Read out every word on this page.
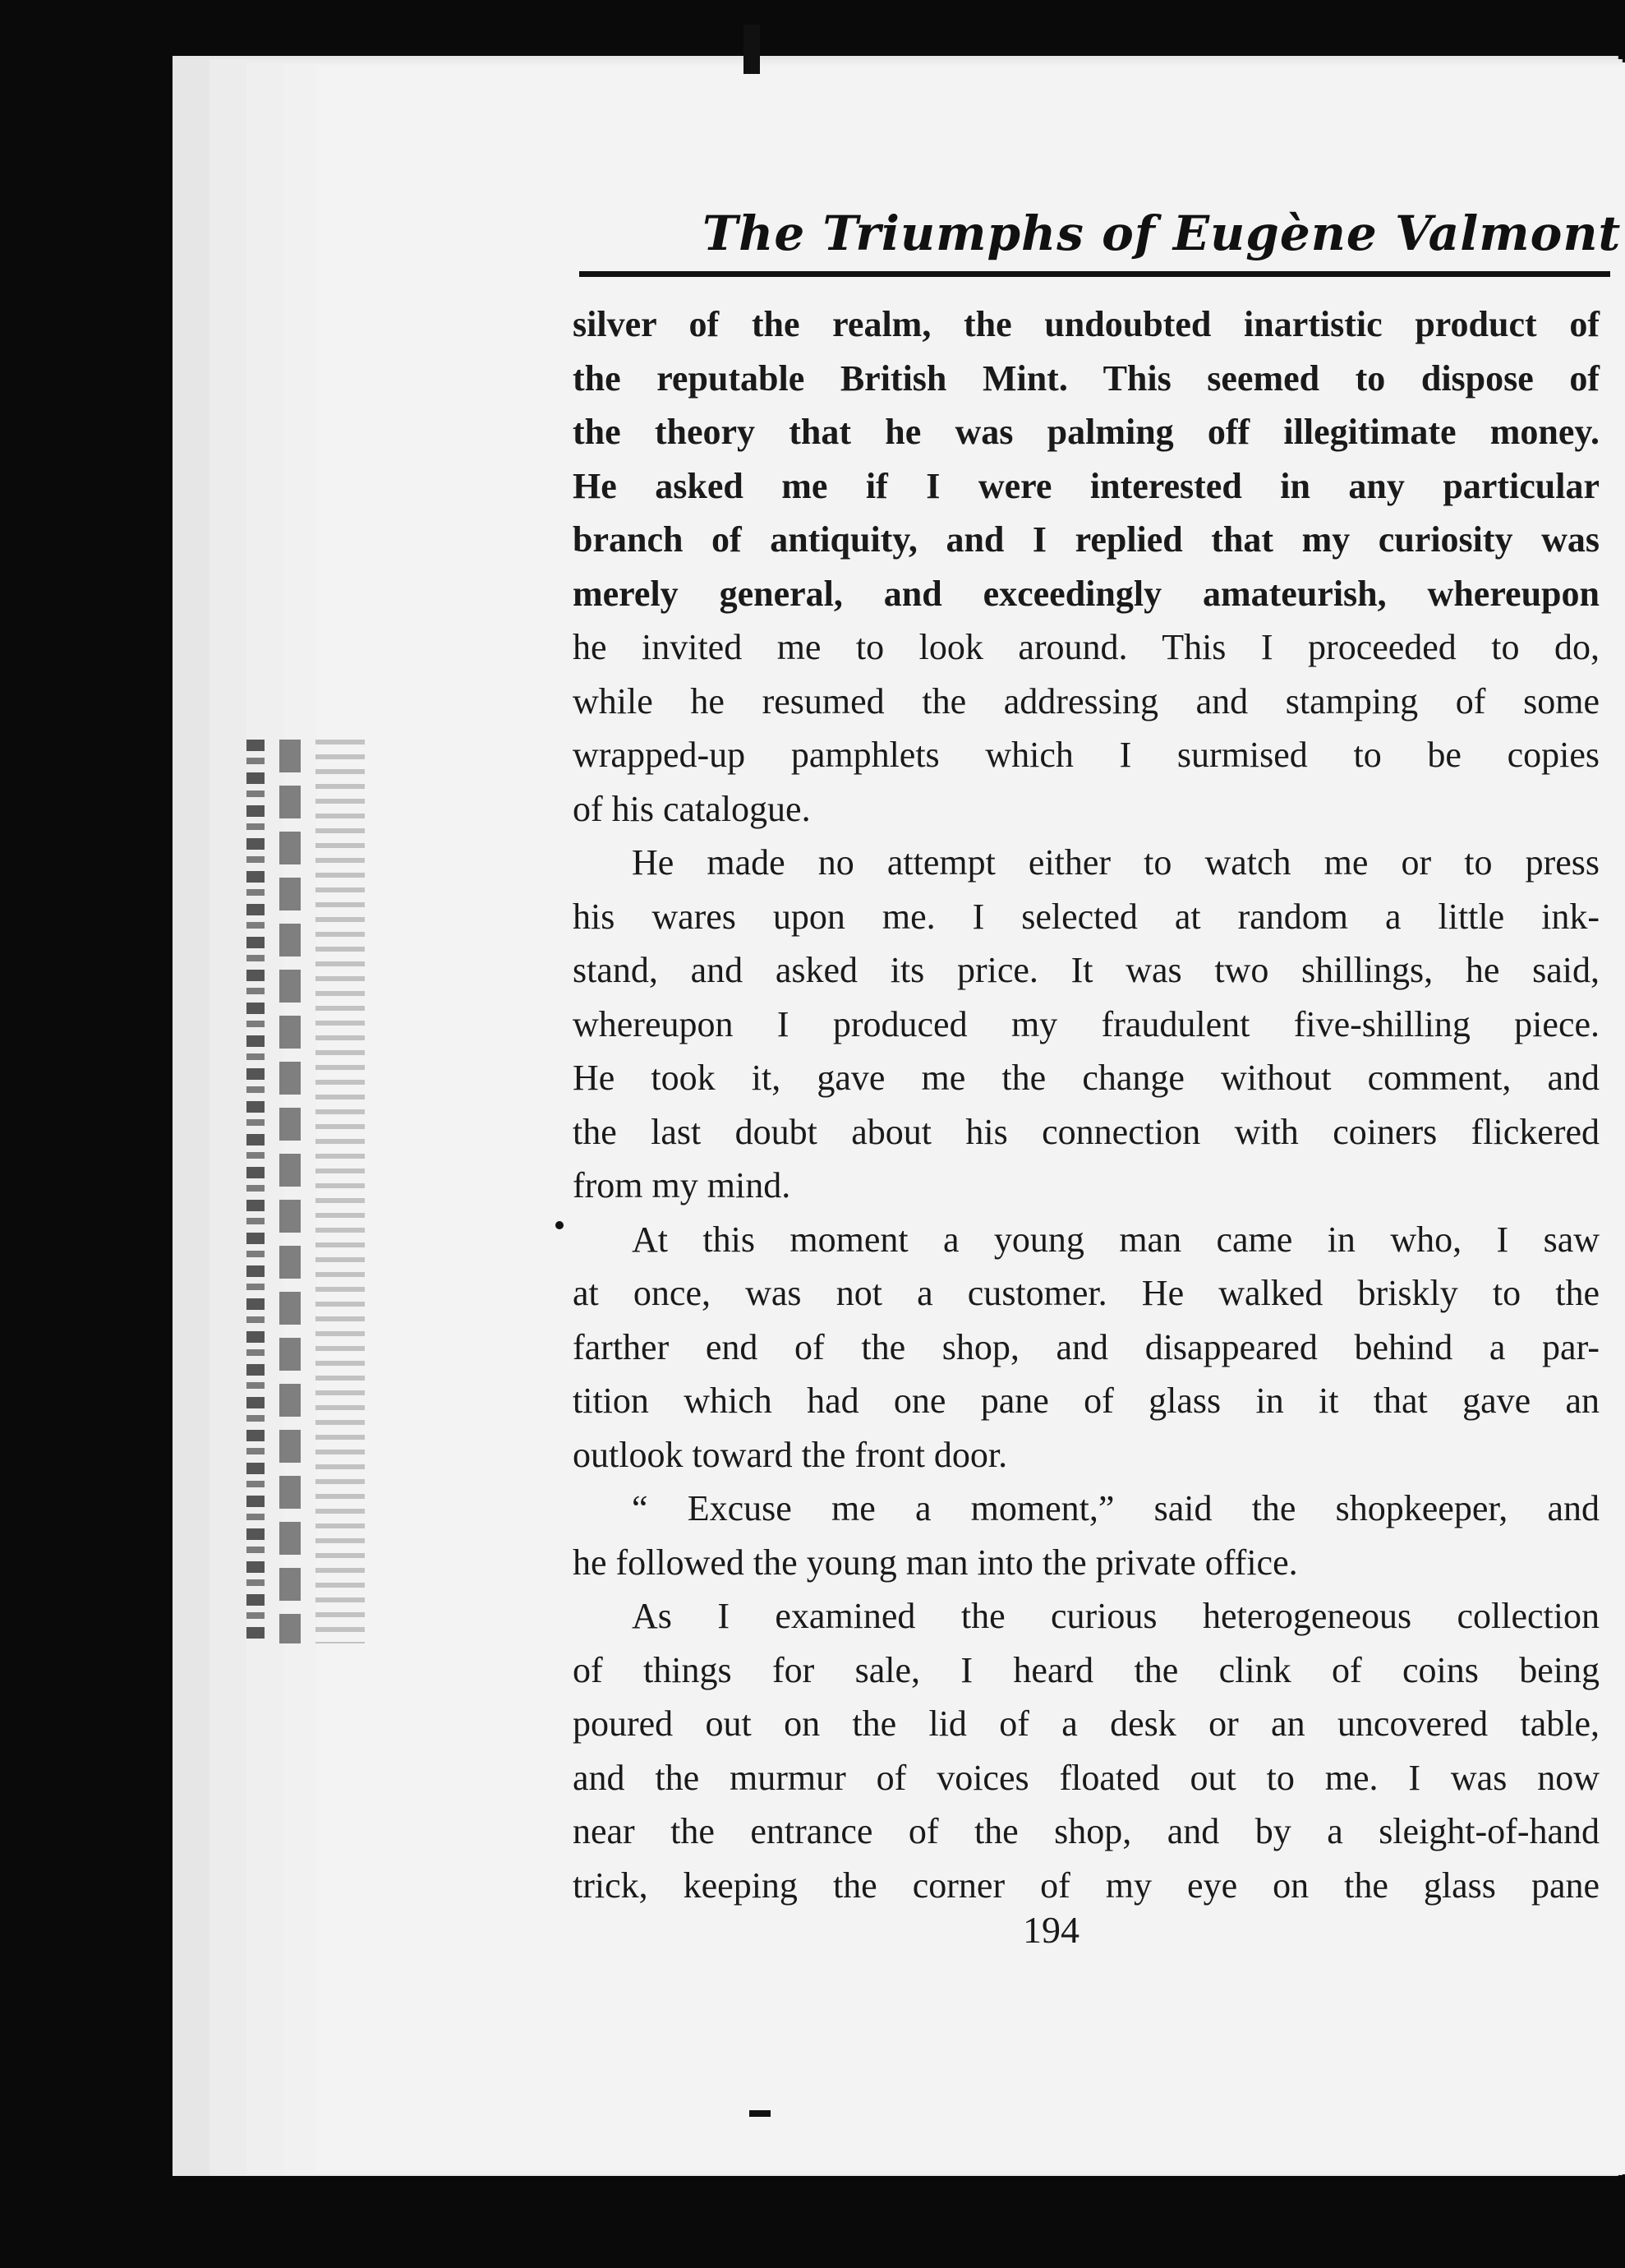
The Triumphs of Eugène Valmont
silver of the realm, the undoubted inartistic product of
the reputable British Mint. This seemed to dispose of
the theory that he was palming off illegitimate money.
He asked me if I were interested in any particular
branch of antiquity, and I replied that my curiosity was
merely general, and exceedingly amateurish, whereupon
he invited me to look around. This I proceeded to do,
while he resumed the addressing and stamping of some
wrapped-up pamphlets which I surmised to be copies
of his catalogue.
He made no attempt either to watch me or to press
his wares upon me. I selected at random a little ink-
stand, and asked its price. It was two shillings, he said,
whereupon I produced my fraudulent five-shilling piece.
He took it, gave me the change without comment, and
the last doubt about his connection with coiners flickered
from my mind.
At this moment a young man came in who, I saw
at once, was not a customer. He walked briskly to the
farther end of the shop, and disappeared behind a par-
tition which had one pane of glass in it that gave an
outlook toward the front door.
“ Excuse me a moment,” said the shopkeeper, and
he followed the young man into the private office.
As I examined the curious heterogeneous collection
of things for sale, I heard the clink of coins being
poured out on the lid of a desk or an uncovered table,
and the murmur of voices floated out to me. I was now
near the entrance of the shop, and by a sleight-of-hand
trick, keeping the corner of my eye on the glass pane
194
